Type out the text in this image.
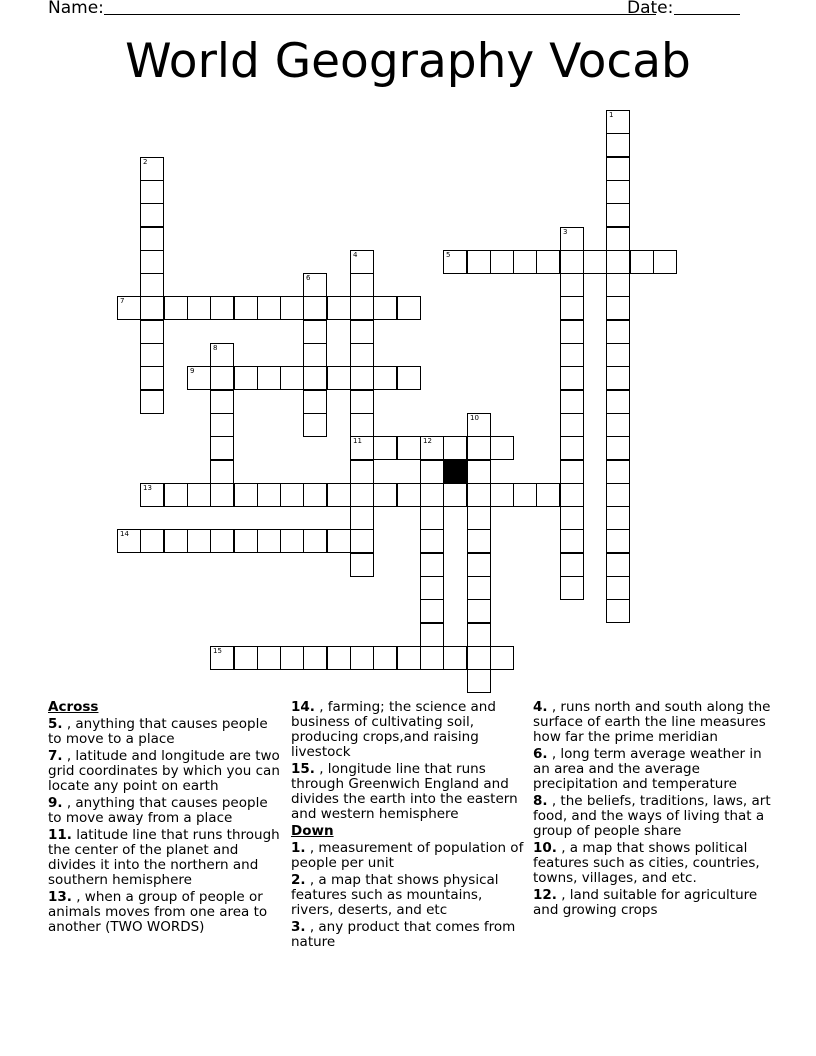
Name:	Date:
World Geography Vocab
1
2
3
4
11
5
6
7
8
9
10
12
13
14
15
Across
5. , anything that causes people to move to a place
7. , latitude and longitude are two grid coordinates by which you can locate any point on earth
9. , anything that causes people to move away from a place
11. latitude line that runs through the center of the planet and divides it into the northern and southern hemisphere
13. , when a group of people or animals moves from one area to another (TWO WORDS)
14. , farming; the science and business of cultivating soil, producing crops,and raising livestock
15. , longitude line that runs through Greenwich England and divides the earth into the eastern and western hemisphere
Down
1. , measurement of population of people per unit
2. , a map that shows physical features such as mountains, rivers, deserts, and etc
3. , any product that comes from nature
4. , runs north and south along the surface of earth the line measures how far the prime meridian
6. , long term average weather in an area and the average precipitation and temperature
8. , the beliefs, traditions, laws, art food, and the ways of living that a group of people share
10. , a map that shows political features such as cities, countries, towns, villages, and etc.
12. , land suitable for agriculture and growing crops
